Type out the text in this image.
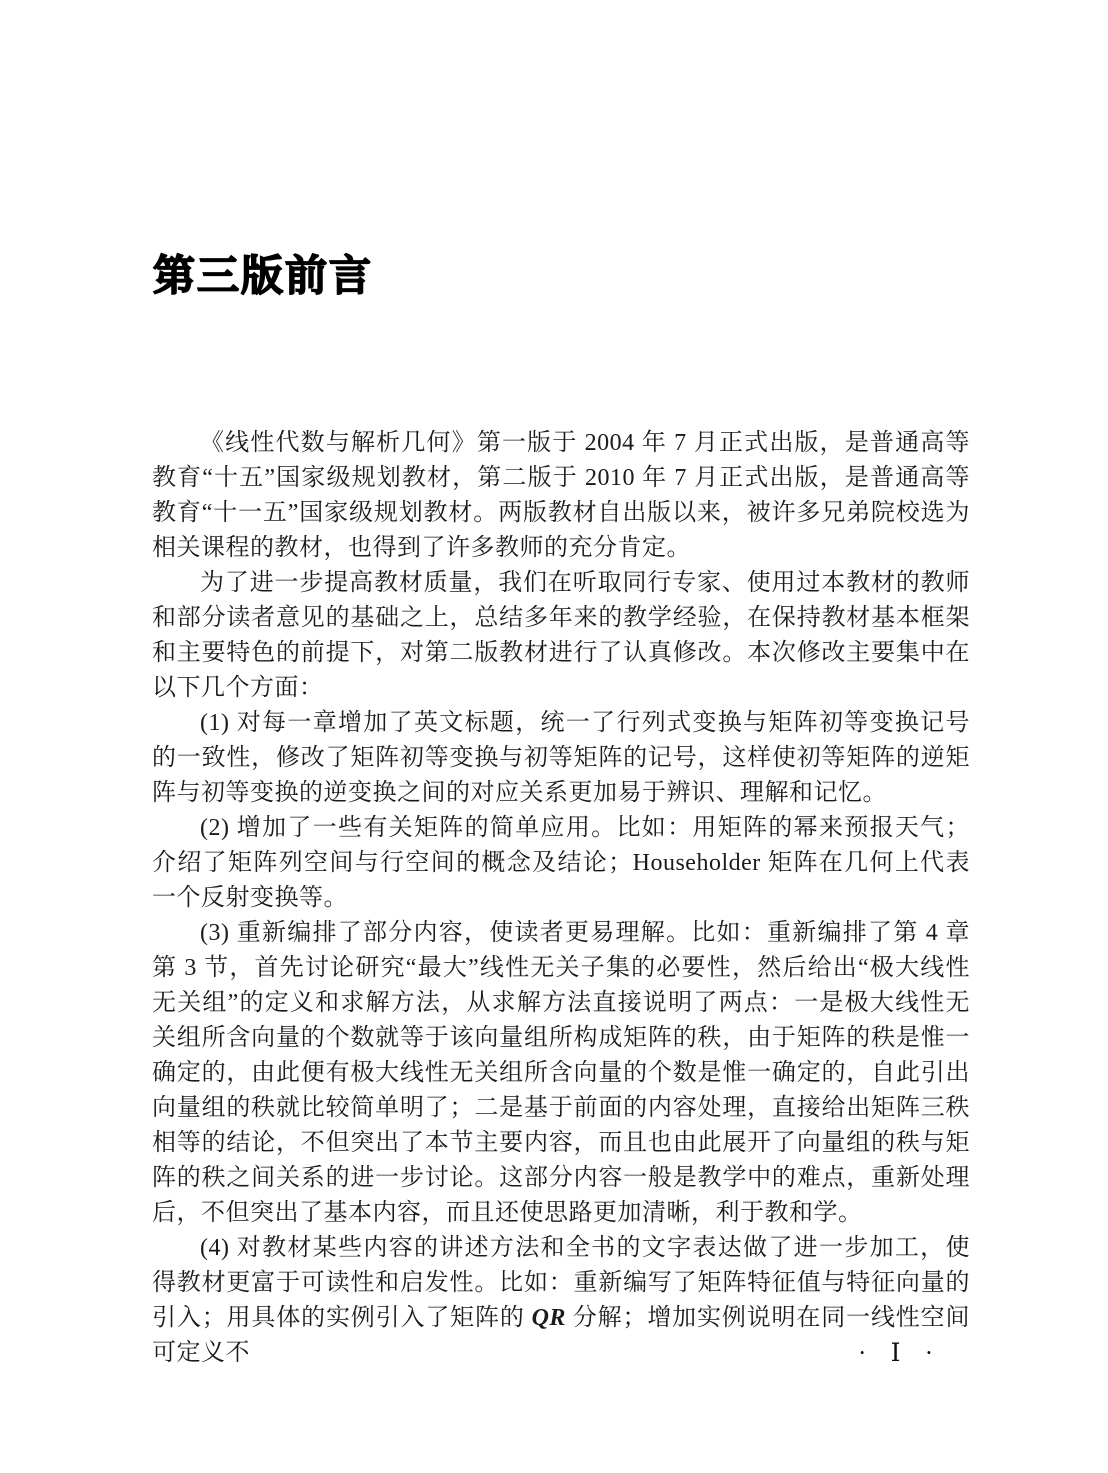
第三版前言

《线性代数与解析几何》第一版于 2004 年 7 月正式出版，是普通高等教育“十五”国家级规划教材，第二版于 2010 年 7 月正式出版，是普通高等教育“十一五”国家级规划教材。两版教材自出版以来，被许多兄弟院校选为相关课程的教材，也得到了许多教师的充分肯定。

为了进一步提高教材质量，我们在听取同行专家、使用过本教材的教师和部分读者意见的基础之上，总结多年来的教学经验，在保持教材基本框架和主要特色的前提下，对第二版教材进行了认真修改。本次修改主要集中在以下几个方面：

(1) 对每一章增加了英文标题，统一了行列式变换与矩阵初等变换记号的一致性，修改了矩阵初等变换与初等矩阵的记号，这样使初等矩阵的逆矩阵与初等变换的逆变换之间的对应关系更加易于辨识、理解和记忆。

(2) 增加了一些有关矩阵的简单应用。比如：用矩阵的幂来预报天气；介绍了矩阵列空间与行空间的概念及结论；Householder 矩阵在几何上代表一个反射变换等。

(3) 重新编排了部分内容，使读者更易理解。比如：重新编排了第 4 章第 3 节，首先讨论研究“最大”线性无关子集的必要性，然后给出“极大线性无关组”的定义和求解方法，从求解方法直接说明了两点：一是极大线性无关组所含向量的个数就等于该向量组所构成矩阵的秩，由于矩阵的秩是惟一确定的，由此便有极大线性无关组所含向量的个数是惟一确定的，自此引出向量组的秩就比较简单明了；二是基于前面的内容处理，直接给出矩阵三秩相等的结论，不但突出了本节主要内容，而且也由此展开了向量组的秩与矩阵的秩之间关系的进一步讨论。这部分内容一般是教学中的难点，重新处理后，不但突出了基本内容，而且还使思路更加清晰，利于教和学。

(4) 对教材某些内容的讲述方法和全书的文字表达做了进一步加工，使得教材更富于可读性和启发性。比如：重新编写了矩阵特征值与特征向量的引入；用具体的实例引入了矩阵的 QR 分解；增加实例说明在同一线性空间可定义不	· Ⅰ ·
